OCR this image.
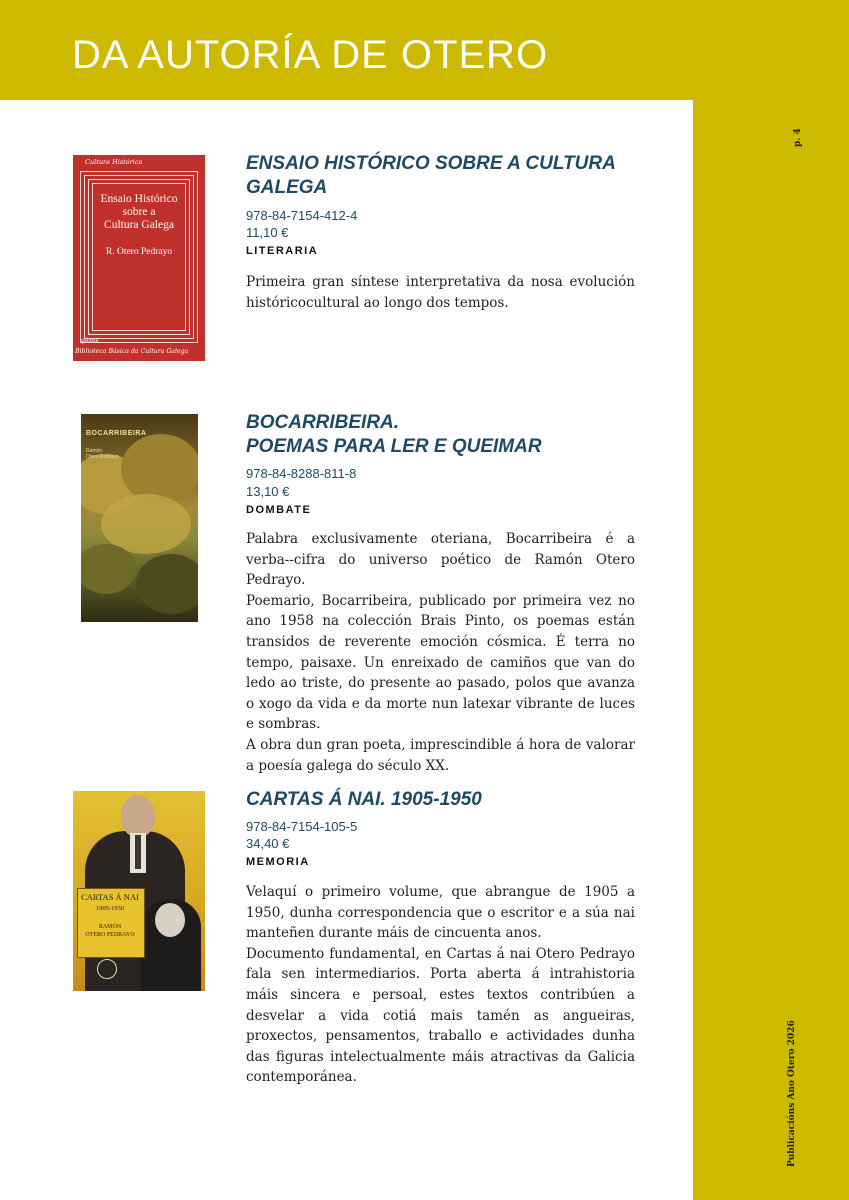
DA AUTORÍA DE OTERO
p. 4
Publicacións Ano Otero 2026
Cultura Histórica
Ensaio Histórico
sobre a
Cultura Galega
R. Otero Pedrayo
galaxia
Biblioteca Básica da Cultura Galega
ENSAIO HISTÓRICO SOBRE A CULTURA
GALEGA
978-84-7154-412-4
11,10 €
LITERARIA

Primeira gran síntese interpretativa da nosa evolución históricocultural ao longo dos tempos.

BOCARRIBEIRA
Ramón
Otero Pedrayo
BOCARRIBEIRA.
POEMAS PARA LER E QUEIMAR
978-84-8288-811-8
13,10 €
DOMBATE

Palabra exclusivamente oteriana, Bocarribeira é a verba--cifra do universo poético de Ramón Otero Pedrayo.

Poemario, Bocarribeira, publicado por primeira vez no ano 1958 na colección Brais Pinto, os poemas están transidos de reverente emoción cósmica. É terra no tempo, paisaxe. Un enreixado de camiños que van do ledo ao triste, do presente ao pasado, polos que avanza o xogo da vida e da morte nun latexar vibrante de luces e sombras.

A obra dun gran poeta, imprescindible á hora de valorar a poesía galega do século XX.

CARTAS Á NAI
1905-1950
RAMÓN
OTERO PEDRAYO
CARTAS Á NAI. 1905-1950
978-84-7154-105-5
34,40 €
MEMORIA

Velaquí o primeiro volume, que abrangue de 1905 a 1950, dunha correspondencia que o escritor e a súa nai manteñen durante máis de cincuenta anos.

Documento fundamental, en Cartas á nai Otero Pedrayo fala sen intermediarios. Porta aberta á intrahistoria máis sincera e persoal, estes textos contribúen a desvelar a vida cotiá mais tamén as angueiras, proxectos, pensamentos, traballo e actividades dunha das figuras intelectualmente máis atractivas da Galicia contemporánea.
